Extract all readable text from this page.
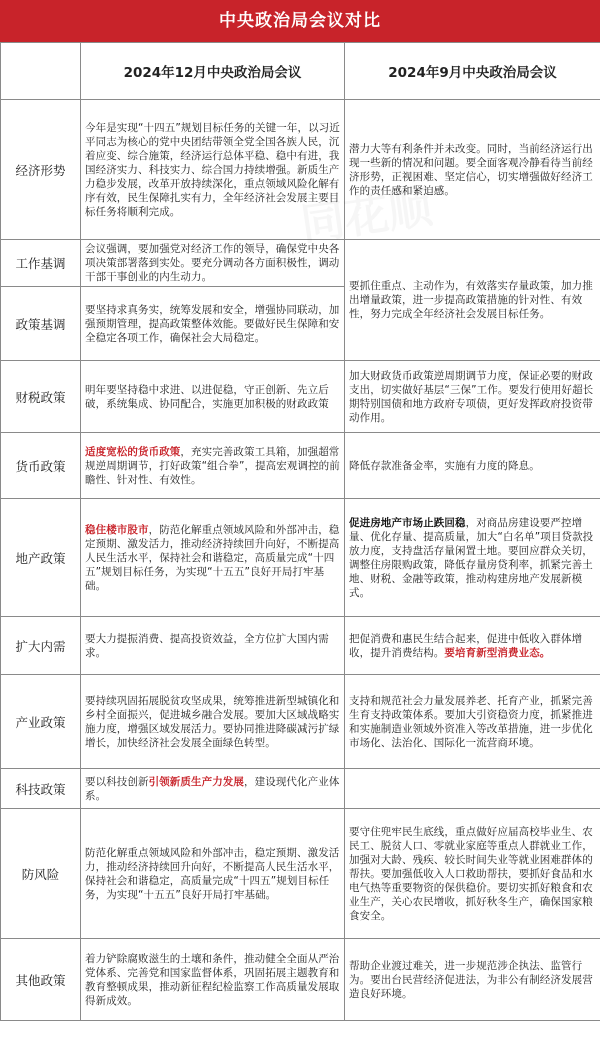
中央政治局会议对比
	2024年12月中央政治局会议	2024年9月中央政治局会议
经济形势	今年是实现“十四五”规划目标任务的关键一年，以习近平同志为核心的党中央团结带领全党全国各族人民，沉着应变、综合施策，经济运行总体平稳、稳中有进，我国经济实力、科技实力、综合国力持续增强。新质生产力稳步发展，改革开放持续深化，重点领域风险化解有序有效，民生保障扎实有力，全年经济社会发展主要目标任务将顺利完成。	潜力大等有利条件并未改变。同时，当前经济运行出现一些新的情况和问题。要全面客观冷静看待当前经济形势，正视困难、坚定信心，切实增强做好经济工作的责任感和紧迫感。
工作基调	会议强调，要加强党对经济工作的领导，确保党中央各项决策部署落到实处。要充分调动各方面积极性，调动干部干事创业的内生动力。	要抓住重点、主动作为，有效落实存量政策，加力推出增量政策，进一步提高政策措施的针对性、有效性，努力完成全年经济社会发展目标任务。
政策基调	要坚持求真务实，统筹发展和安全，增强协同联动，加强预期管理，提高政策整体效能。要做好民生保障和安全稳定各项工作，确保社会大局稳定。	
财税政策	明年要坚持稳中求进、以进促稳，守正创新、先立后破，系统集成、协同配合，实施更加积极的财政政策	加大财政货币政策逆周期调节力度，保证必要的财政支出，切实做好基层“三保”工作。要发行使用好超长期特别国债和地方政府专项债，更好发挥政府投资带动作用。
货币政策	适度宽松的货币政策，充实完善政策工具箱，加强超常规逆周期调节，打好政策“组合拳”，提高宏观调控的前瞻性、针对性、有效性。	降低存款准备金率，实施有力度的降息。
地产政策	稳住楼市股市，防范化解重点领域风险和外部冲击，稳定预期、激发活力，推动经济持续回升向好，不断提高人民生活水平，保持社会和谐稳定，高质量完成“十四五”规划目标任务，为实现“十五五”良好开局打牢基础。	促进房地产市场止跌回稳，对商品房建设要严控增量、优化存量、提高质量，加大“白名单”项目贷款投放力度，支持盘活存量闲置土地。要回应群众关切，调整住房限购政策，降低存量房贷利率，抓紧完善土地、财税、金融等政策，推动构建房地产发展新模式。
扩大内需	要大力提振消费、提高投资效益，全方位扩大国内需求。	把促消费和惠民生结合起来，促进中低收入群体增收，提升消费结构。要培育新型消费业态。
产业政策	要持续巩固拓展脱贫攻坚成果，统筹推进新型城镇化和乡村全面振兴，促进城乡融合发展。要加大区域战略实施力度，增强区域发展活力。要协同推进降碳减污扩绿增长，加快经济社会发展全面绿色转型。	支持和规范社会力量发展养老、托育产业，抓紧完善生育支持政策体系。要加大引资稳资力度，抓紧推进和实施制造业领域外资准入等改革措施，进一步优化市场化、法治化、国际化一流营商环境。
科技政策	要以科技创新引领新质生产力发展，建设现代化产业体系。	
防风险	防范化解重点领域风险和外部冲击，稳定预期、激发活力，推动经济持续回升向好，不断提高人民生活水平，保持社会和谐稳定，高质量完成“十四五”规划目标任务，为实现“十五五”良好开局打牢基础。	要守住兜牢民生底线，重点做好应届高校毕业生、农民工、脱贫人口、零就业家庭等重点人群就业工作，加强对大龄、残疾、较长时间失业等就业困难群体的帮扶。要加强低收入人口救助帮扶，要抓好食品和水电气热等重要物资的保供稳价。要切实抓好粮食和农业生产，关心农民增收，抓好秋冬生产，确保国家粮食安全。
其他政策	着力铲除腐败滋生的土壤和条件，推动健全全面从严治党体系、完善党和国家监督体系，巩固拓展主题教育和教育整顿成果，推动新征程纪检监察工作高质量发展取得新成效。	帮助企业渡过难关，进一步规范涉企执法、监管行为。要出台民营经济促进法，为非公有制经济发展营造良好环境。
